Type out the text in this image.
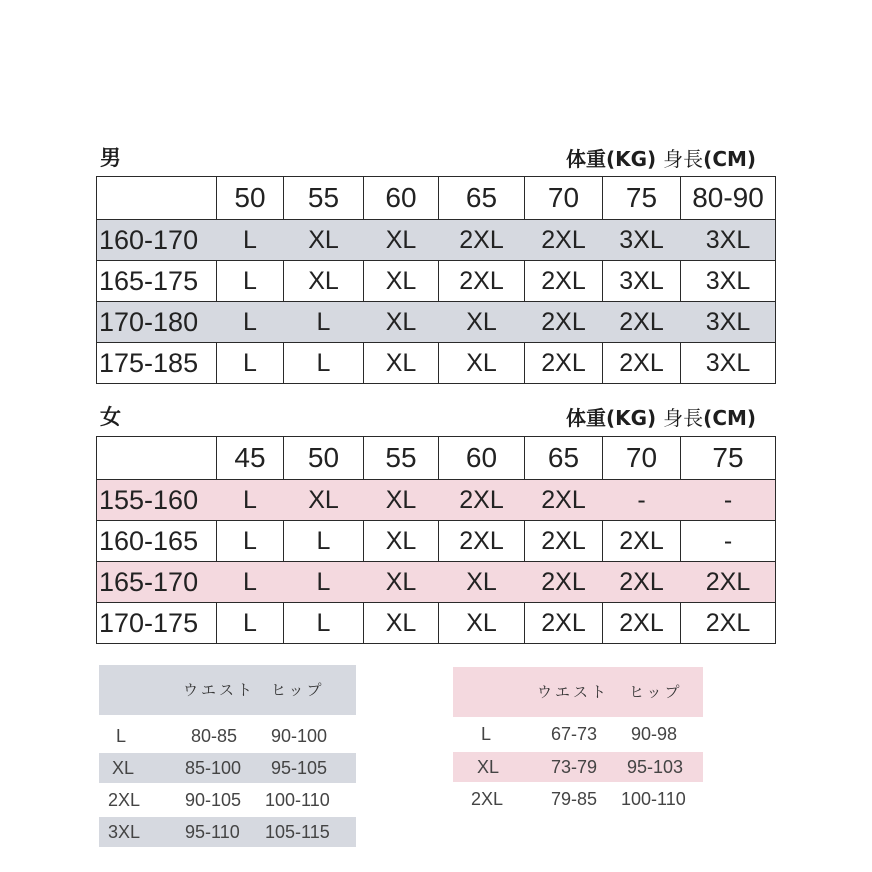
男	体重(KG) 身長(CM)
	50	55	60	65	70	75	80-90
160-170	L	XL	XL	2XL	2XL	3XL	3XL
165-175	L	XL	XL	2XL	2XL	3XL	3XL
170-180	L	L	XL	XL	2XL	2XL	3XL
175-185	L	L	XL	XL	2XL	2XL	3XL
女	体重(KG) 身長(CM)
	45	50	55	60	65	70	75
155-160	L	XL	XL	2XL	2XL	-	-
160-165	L	L	XL	2XL	2XL	2XL	-
165-170	L	L	XL	XL	2XL	2XL	2XL
170-175	L	L	XL	XL	2XL	2XL	2XL
ウエスト ヒップ
L	80-85 90-100
XL	85-100 95-105
2XL 90-105 100-110
3XL 95-110 105-115
ウエスト ヒップ
L	67-73 90-98
XL	73-79 95-103
2XL	79-85 100-110
